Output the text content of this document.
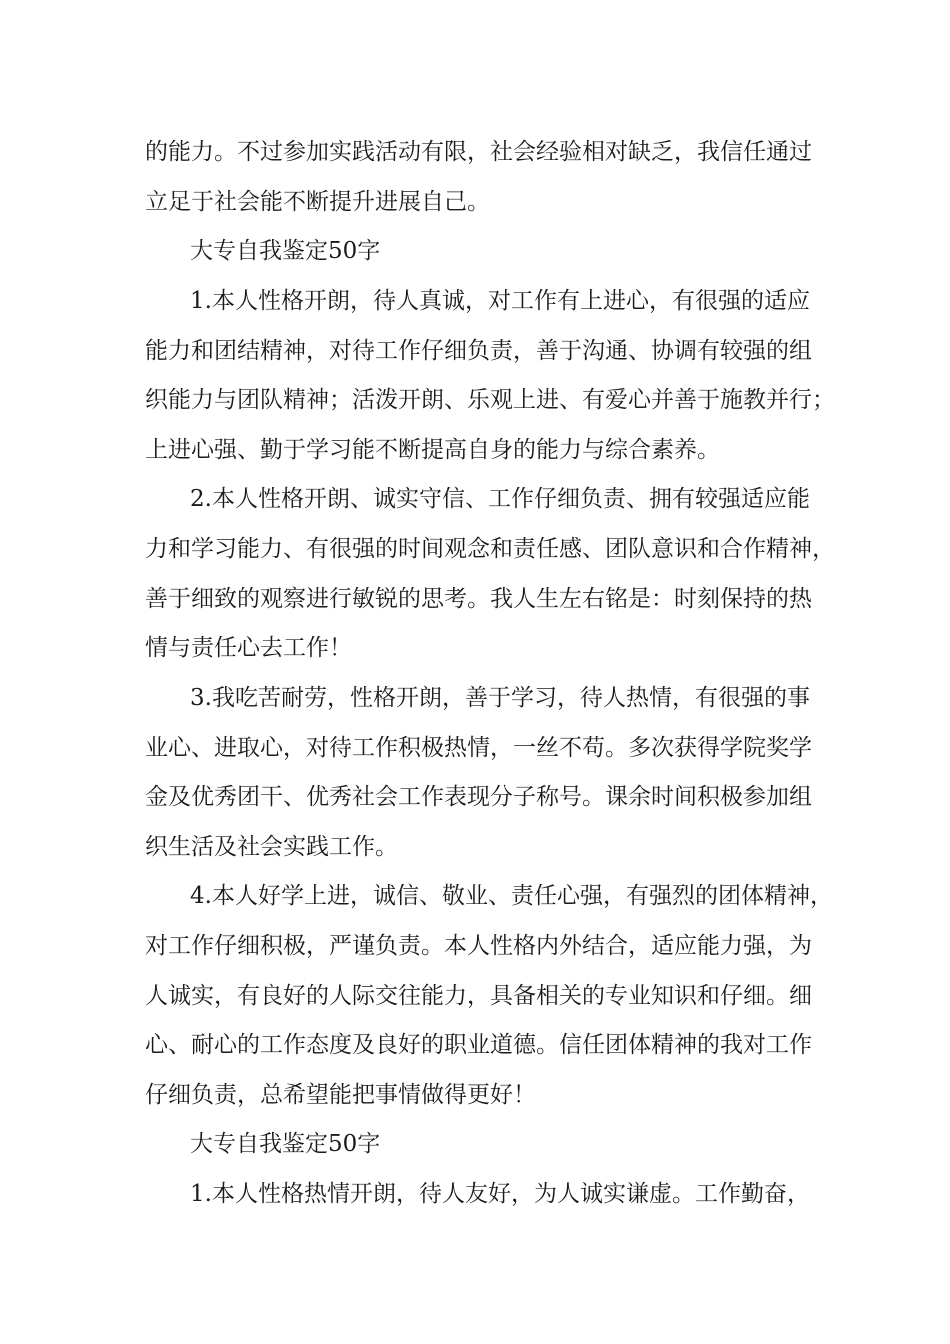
的能力。不过参加实践活动有限，社会经验相对缺乏，我信任通过

立足于社会能不断提升进展自己。

大专自我鉴定50字

1.本人性格开朗，待人真诚，对工作有上进心，有很强的适应

能力和团结精神，对待工作仔细负责，善于沟通、协调有较强的组

织能力与团队精神；活泼开朗、乐观上进、有爱心并善于施教并行；

上进心强、勤于学习能不断提高自身的能力与综合素养。

2.本人性格开朗、诚实守信、工作仔细负责、拥有较强适应能

力和学习能力、有很强的时间观念和责任感、团队意识和合作精神，

善于细致的观察进行敏锐的思考。我人生左右铭是：时刻保持的热

情与责任心去工作！

3.我吃苦耐劳，性格开朗，善于学习，待人热情，有很强的事

业心、进取心，对待工作积极热情，一丝不苟。多次获得学院奖学

金及优秀团干、优秀社会工作表现分子称号。课余时间积极参加组

织生活及社会实践工作。

4.本人好学上进，诚信、敬业、责任心强，有强烈的团体精神，

对工作仔细积极，严谨负责。本人性格内外结合，适应能力强，为

人诚实，有良好的人际交往能力，具备相关的专业知识和仔细。细

心、耐心的工作态度及良好的职业道德。信任团体精神的我对工作

仔细负责，总希望能把事情做得更好！

大专自我鉴定50字

1.本人性格热情开朗，待人友好，为人诚实谦虚。工作勤奋，
